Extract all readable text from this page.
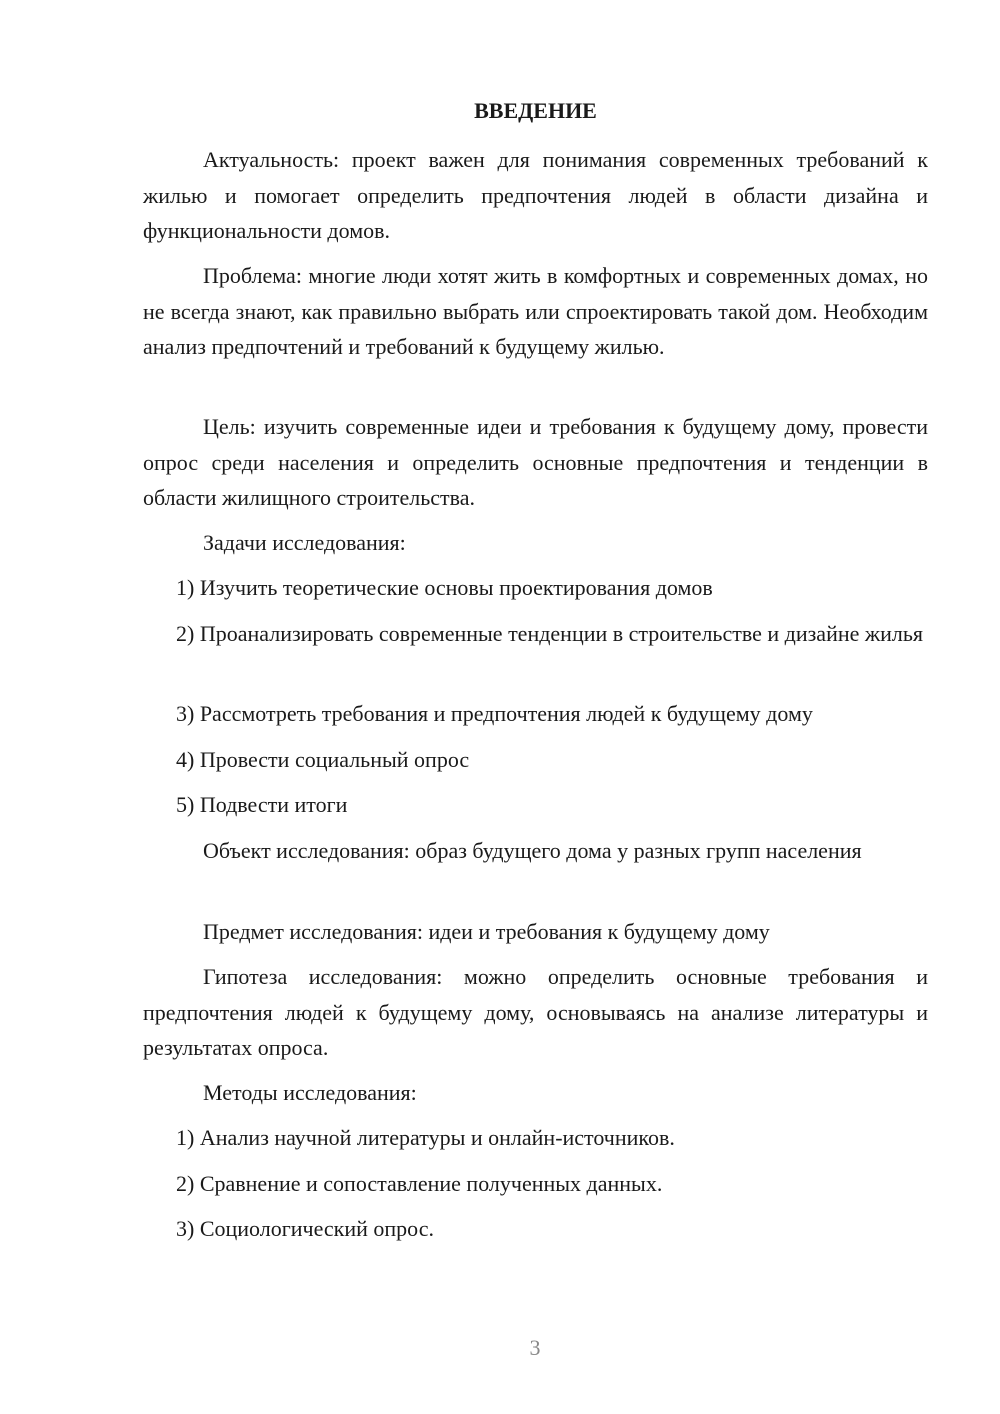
ВВЕДЕНИЕ

Актуальность: проект важен для понимания современных требований к жилью и помогает определить предпочтения людей в области дизайна и функциональности домов.

Проблема: многие люди хотят жить в комфортных и современных домах, но не всегда знают, как правильно выбрать или спроектировать такой дом. Необходим анализ предпочтений и требований к будущему жилью.

Цель: изучить современные идеи и требования к будущему дому, провести опрос среди населения и определить основные предпочтения и тенденции в области жилищного строительства.

Задачи исследования:

1) Изучить теоретические основы проектирования домов

2) Проанализировать современные тенденции в строительстве и дизайне жилья

3) Рассмотреть требования и предпочтения людей к будущему дому

4) Провести социальный опрос

5) Подвести итоги

Объект исследования: образ будущего дома у разных групп населения

Предмет исследования: идеи и требования к будущему дому

Гипотеза исследования: можно определить основные требования и предпочтения людей к будущему дому, основываясь на анализе литературы и результатах опроса.

Методы исследования:

1) Анализ научной литературы и онлайн-источников.

2) Сравнение и сопоставление полученных данных.

3) Социологический опрос.

3
